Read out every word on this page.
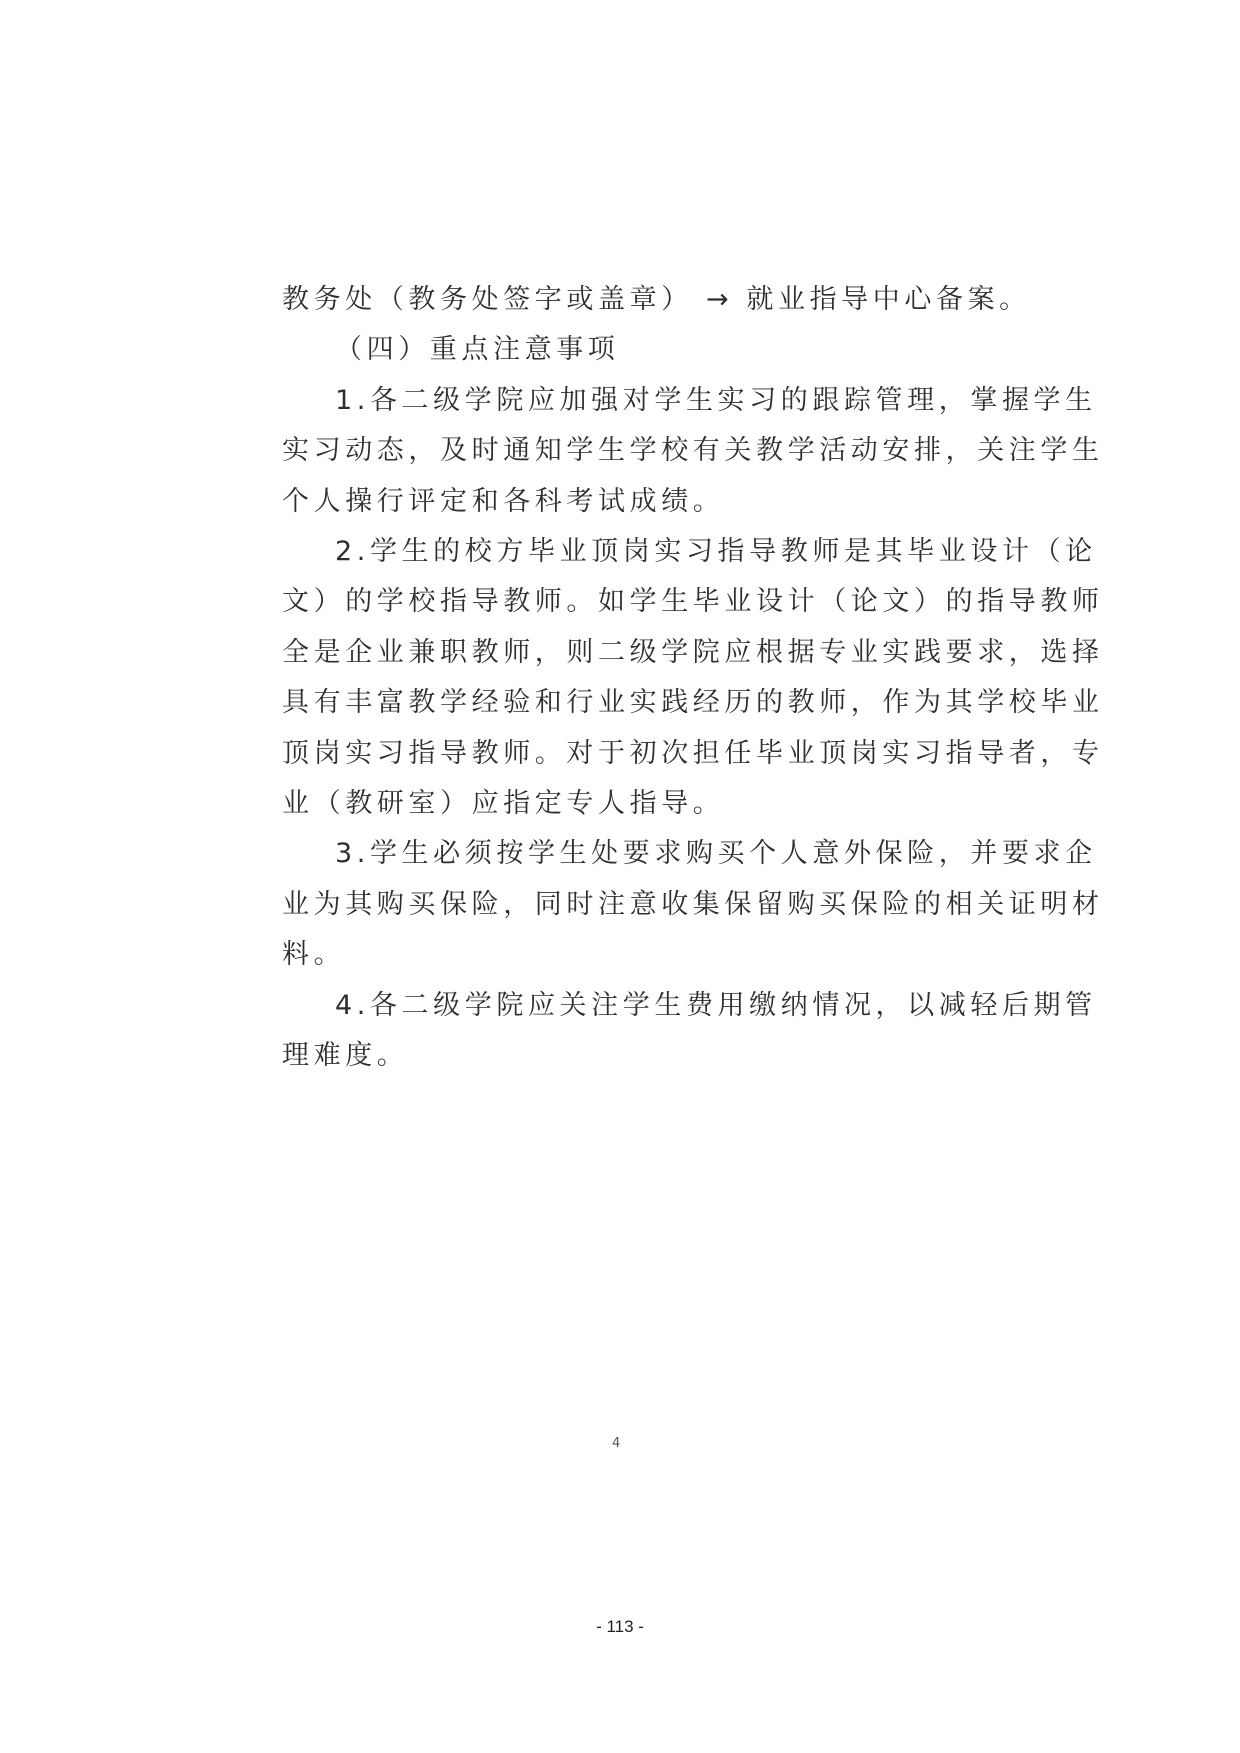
教务处（教务处签字或盖章） → 就业指导中心备案。
（四）重点注意事项
1.各二级学院应加强对学生实习的跟踪管理，掌握学生
实习动态，及时通知学生学校有关教学活动安排，关注学生
个人操行评定和各科考试成绩。
2.学生的校方毕业顶岗实习指导教师是其毕业设计（论
文）的学校指导教师。如学生毕业设计（论文）的指导教师
全是企业兼职教师，则二级学院应根据专业实践要求，选择
具有丰富教学经验和行业实践经历的教师，作为其学校毕业
顶岗实习指导教师。对于初次担任毕业顶岗实习指导者，专
业（教研室）应指定专人指导。
3.学生必须按学生处要求购买个人意外保险，并要求企
业为其购买保险，同时注意收集保留购买保险的相关证明材
料。
4.各二级学院应关注学生费用缴纳情况，以减轻后期管
理难度。
4
- 113 -
